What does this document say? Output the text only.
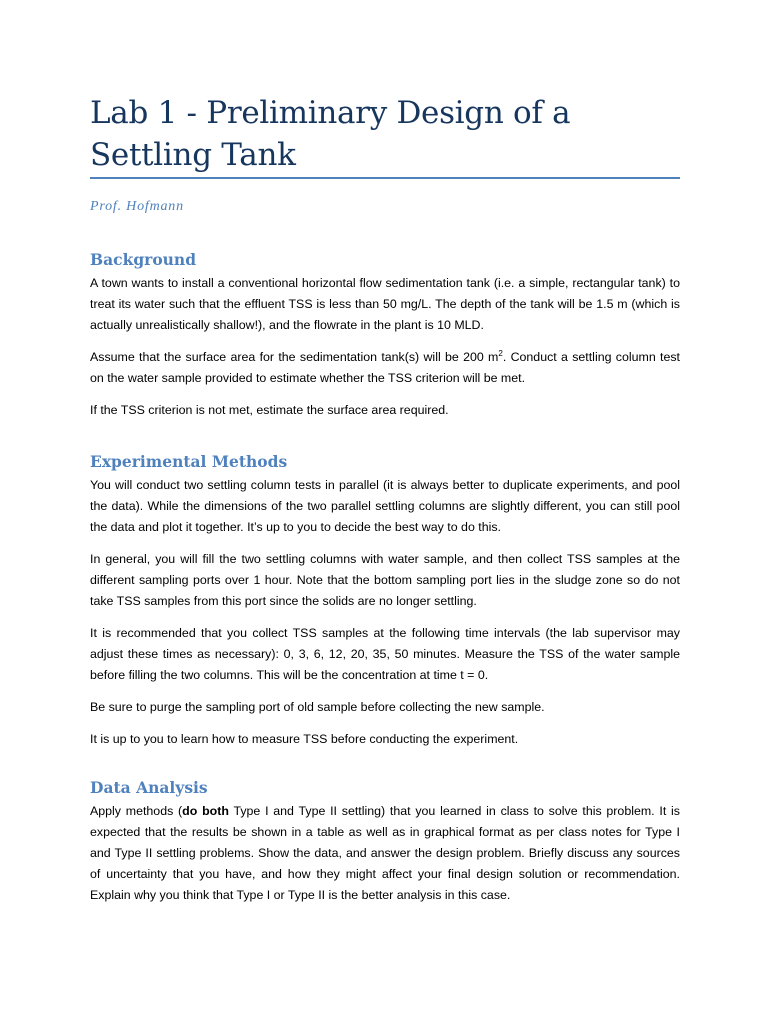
Lab 1 - Preliminary Design of a Settling Tank
Prof. Hofmann
Background

A town wants to install a conventional horizontal flow sedimentation tank (i.e. a simple, rectangular tank) to treat its water such that the effluent TSS is less than 50 mg/L. The depth of the tank will be 1.5 m (which is actually unrealistically shallow!), and the flowrate in the plant is 10 MLD.

Assume that the surface area for the sedimentation tank(s) will be 200 $m^2$. Conduct a settling column test on the water sample provided to estimate whether the TSS criterion will be met.

If the TSS criterion is not met, estimate the surface area required.

Experimental Methods

You will conduct two settling column tests in parallel (it is always better to duplicate experiments, and pool the data). While the dimensions of the two parallel settling columns are slightly different, you can still pool the data and plot it together. It’s up to you to decide the best way to do this.

In general, you will fill the two settling columns with water sample, and then collect TSS samples at the different sampling ports over 1 hour. Note that the bottom sampling port lies in the sludge zone so do not take TSS samples from this port since the solids are no longer settling.

It is recommended that you collect TSS samples at the following time intervals (the lab supervisor may adjust these times as necessary): 0, 3, 6, 12, 20, 35, 50 minutes. Measure the TSS of the water sample before filling the two columns. This will be the concentration at time t = 0.

Be sure to purge the sampling port of old sample before collecting the new sample.

It is up to you to learn how to measure TSS before conducting the experiment.

Data Analysis

Apply methods (do both Type I and Type II settling) that you learned in class to solve this problem. It is expected that the results be shown in a table as well as in graphical format as per class notes for Type I and Type II settling problems. Show the data, and answer the design problem. Briefly discuss any sources of uncertainty that you have, and how they might affect your final design solution or recommendation. Explain why you think that Type I or Type II is the better analysis in this case.
